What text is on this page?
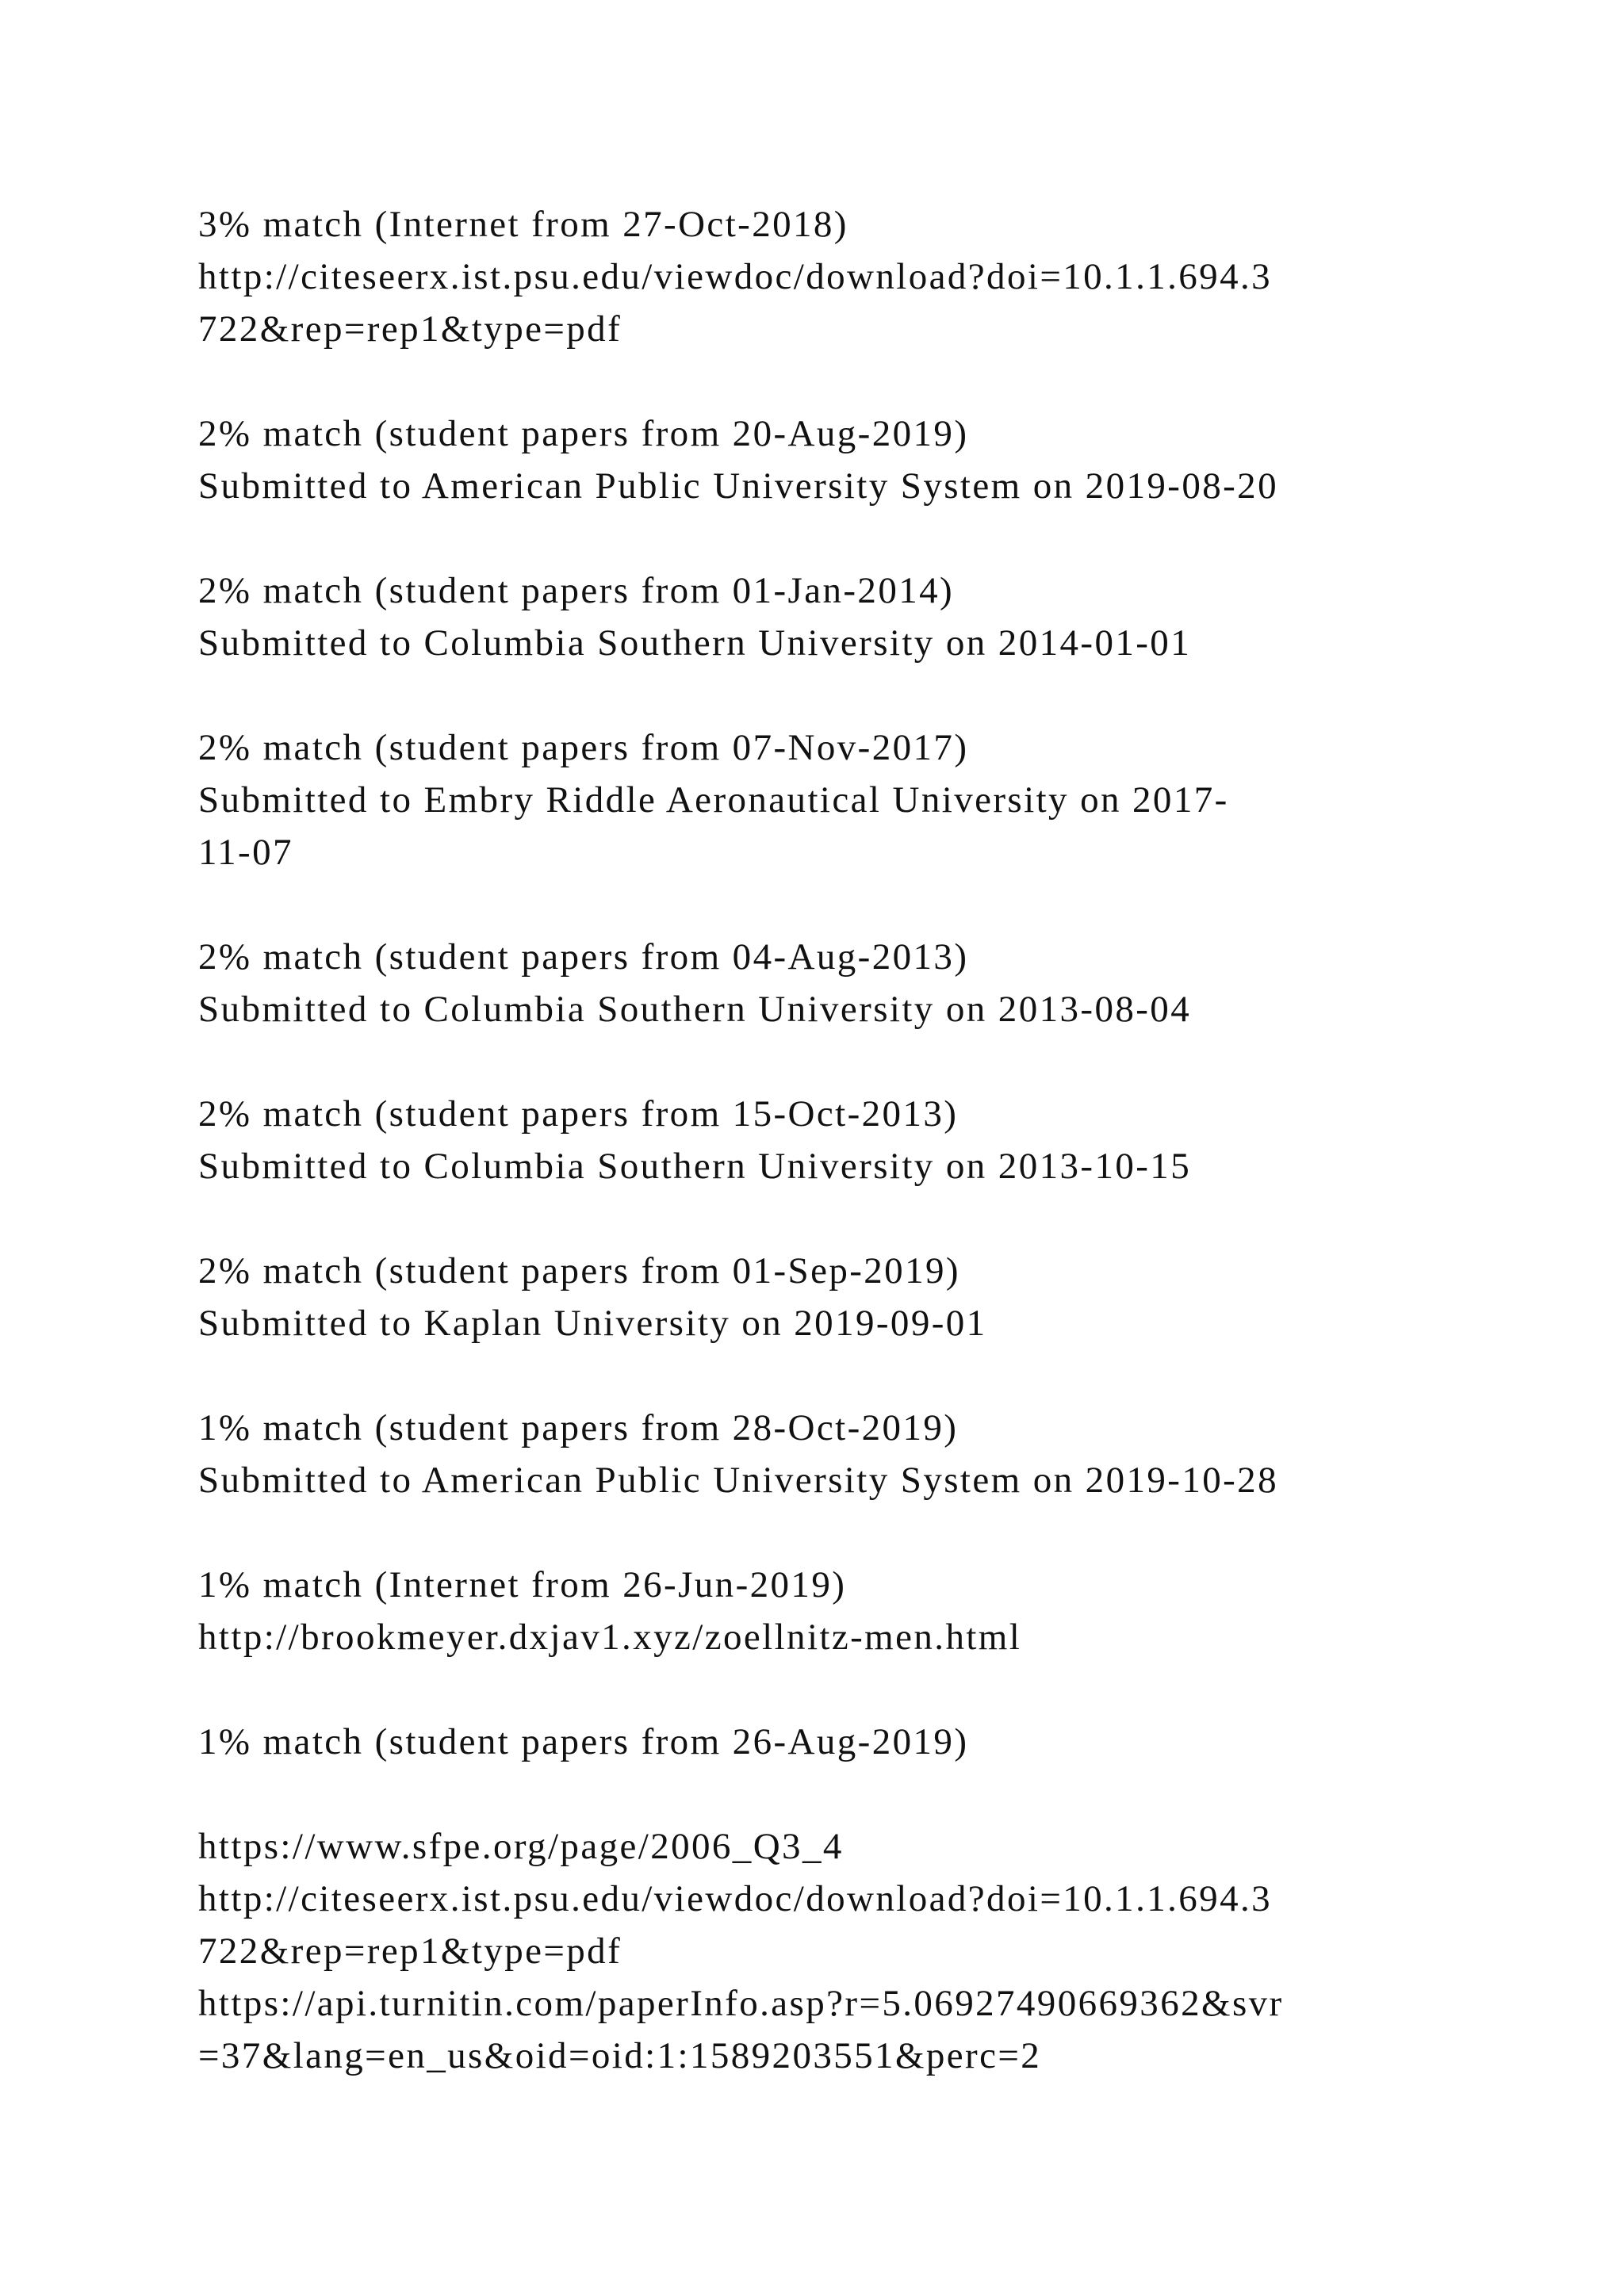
3% match (Internet from 27-Oct-2018)
http://citeseerx.ist.psu.edu/viewdoc/download?doi=10.1.1.694.3
722&rep=rep1&type=pdf
2% match (student papers from 20-Aug-2019)
Submitted to American Public University System on 2019-08-20
2% match (student papers from 01-Jan-2014)
Submitted to Columbia Southern University on 2014-01-01
2% match (student papers from 07-Nov-2017)
Submitted to Embry Riddle Aeronautical University on 2017-
11-07
2% match (student papers from 04-Aug-2013)
Submitted to Columbia Southern University on 2013-08-04
2% match (student papers from 15-Oct-2013)
Submitted to Columbia Southern University on 2013-10-15
2% match (student papers from 01-Sep-2019)
Submitted to Kaplan University on 2019-09-01
1% match (student papers from 28-Oct-2019)
Submitted to American Public University System on 2019-10-28
1% match (Internet from 26-Jun-2019)
http://brookmeyer.dxjav1.xyz/zoellnitz-men.html
1% match (student papers from 26-Aug-2019)
https://www.sfpe.org/page/2006_Q3_4
http://citeseerx.ist.psu.edu/viewdoc/download?doi=10.1.1.694.3
722&rep=rep1&type=pdf
https://api.turnitin.com/paperInfo.asp?r=5.06927490669362&svr
=37&lang=en_us&oid=oid:1:1589203551&perc=2
